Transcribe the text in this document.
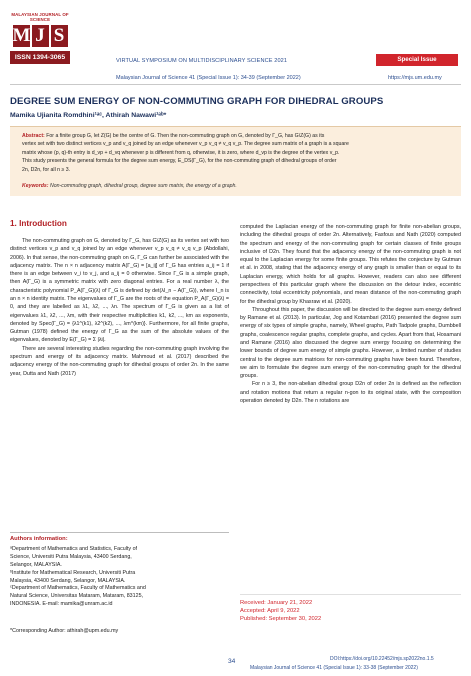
MALAYSIAN JOURNAL OF SCIENCE
M J S
ISSN 1394-3065	VIRTUAL SYMPOSIUM ON MULTIDISCIPLINARY SCIENCE 2021	Special Issue
Malaysian Journal of Science 41 (Special Issue 1): 34-39 (September 2022)	https://mjs.um.edu.my
DEGREE SUM ENERGY OF NON-COMMUTING GRAPH FOR DIHEDRAL GROUPS
Mamika Ujianita Romdhini¹ᵃᶜ, Athirah Nawawi¹ᵃᵇ*
Abstract: For a finite group G, let Z(G) be the centre of G. Then the non-commuting graph on G, denoted by Γ_G, has G\Z(G) as its
vertex set with two distinct vertices v_p and v_q joined by an edge whenever v_p v_q ≠ v_q v_p. The degree sum matrix of a graph is a square
matrix whose (p, q)-th entry is d_vp + d_vq whenever p is different from q, otherwise, it is zero, where d_vp is the degree of the vertex v_p.
This study presents the general formula for the degree sum energy, E_DS(Γ_G), for the non-commuting graph of dihedral groups of order
2n, D2n, for all n ≥ 3.
Keywords: Non-commuting graph, dihedral group, degree sum matrix, the energy of a graph.
1. Introduction

The non-commuting graph on G, denoted by Γ_G, has G\Z(G) as its vertex set with two distinct vertices v_p and v_q joined by an edge whenever v_p v_q ≠ v_q v_p (Abdollahi, 2006). In that sense, the non-commuting graph on G, Γ_G can further be associated with the adjacency matrix. The n × n adjacency matrix A(Γ_G) = [a_ij] of Γ_G has entries a_ij = 1 if there is an edge between v_i to v_j, and a_ij = 0 otherwise. Since Γ_G is a simple graph, then A(Γ_G) is a symmetric matrix with zero diagonal entries. For a real number λ, the characteristic polynomial P_A(Γ_G)(λ) of Γ_G is defined by det(λI_n − A(Γ_G)), where I_n is an n × n identity matrix. The eigenvalues of Γ_G are the roots of the equation P_A(Γ_G)(λ) = 0, and they are labelled as λ1, λ2, ..., λn. The spectrum of Γ_G is given as a list of eigenvalues λ1, λ2, ..., λm, with their respective multiplicities k1, k2, ..., km as exponents, denoted by Spec(Γ_G) = {λ1^(k1), λ2^(k2), ..., λm^(km)}. Furthermore, for all finite graphs, Gutman (1978) defined the energy of Γ_G as the sum of the absolute values of the eigenvalues, denoted by E(Γ_G) = Σ |λi|.

There are several interesting studies regarding the non-commuting graph involving the spectrum and energy of its adjacency matrix. Mahmoud et al. (2017) described the adjacency energy of the non-commuting graph for dihedral groups of order 2n. In the same year, Dutta and Nath (2017)

computed the Laplacian energy of the non-commuting graph for finite non-abelian groups, including the dihedral groups of order 2n. Alternatively, Fasfous and Nath (2020) computed the spectrum and energy of the non-commuting graph for certain classes of finite groups inclusive of D2n. They found that the adjacency energy of the non-commuting graph is not equal to the Laplacian energy for some finite groups. This refutes the conjecture by Gutman et al. in 2008, stating that the adjacency energy of any graph is smaller than or equal to its Laplacian energy, which holds for all graphs. However, readers can also see different perspectives of this particular graph where the discussion on the detour index, eccentric connectivity, total eccentricity polynomials, and mean distance of the non-commuting graph for the dihedral group by Khasraw et al. (2020).

Throughout this paper, the discussion will be directed to the degree sum energy defined by Ramane et al. (2013). In particular, Jog and Kotambari (2016) presented the degree sum energy of six types of simple graphs, namely, Wheel graphs, Path Tadpole graphs, Dumbbell graphs, coalescence regular graphs, complete graphs, and cycles. Apart from that, Hosamani and Ramane (2016) also discussed the degree sum energy focusing on determining the lower bounds of degree sum energy of simple graphs. However, a limited number of studies central to the degree sum matrices for non-commuting graphs have been found. Therefore, we aim to formulate the degree sum energy of the non-commuting graph for the dihedral groups.

For n ≥ 3, the non-abelian dihedral group D2n of order 2n is defined as the reflection and rotation motions that return a regular n-gon to its original state, with the composition operation denoted by D2n. The n rotations are

Authors information:
ᵃDepartment of Mathematics and Statistics, Faculty of
Science, Universiti Putra Malaysia, 43400 Serdang,
Selangor, MALAYSIA.
ᵇInstitute for Mathematical Research, Universiti Putra
Malaysia, 43400 Serdang, Selangor, MALAYSIA.
ᶜDepartment of Mathematics, Faculty of Mathematics and
Natural Science, Universitas Mataram, Mataram, 83125,
INDONESIA. E-mail: mamika@unram.ac.id
*Corresponding Author: athirah@upm.edu.my
Received: January 21, 2022
Accepted: April 9, 2022
Published: September 30, 2022
34	DOI:https://doi.org/10.22452/mjs.sp2022no.1.5
Malaysian Journal of Science 41 (Special Issue 1): 33-38 (September 2022)
